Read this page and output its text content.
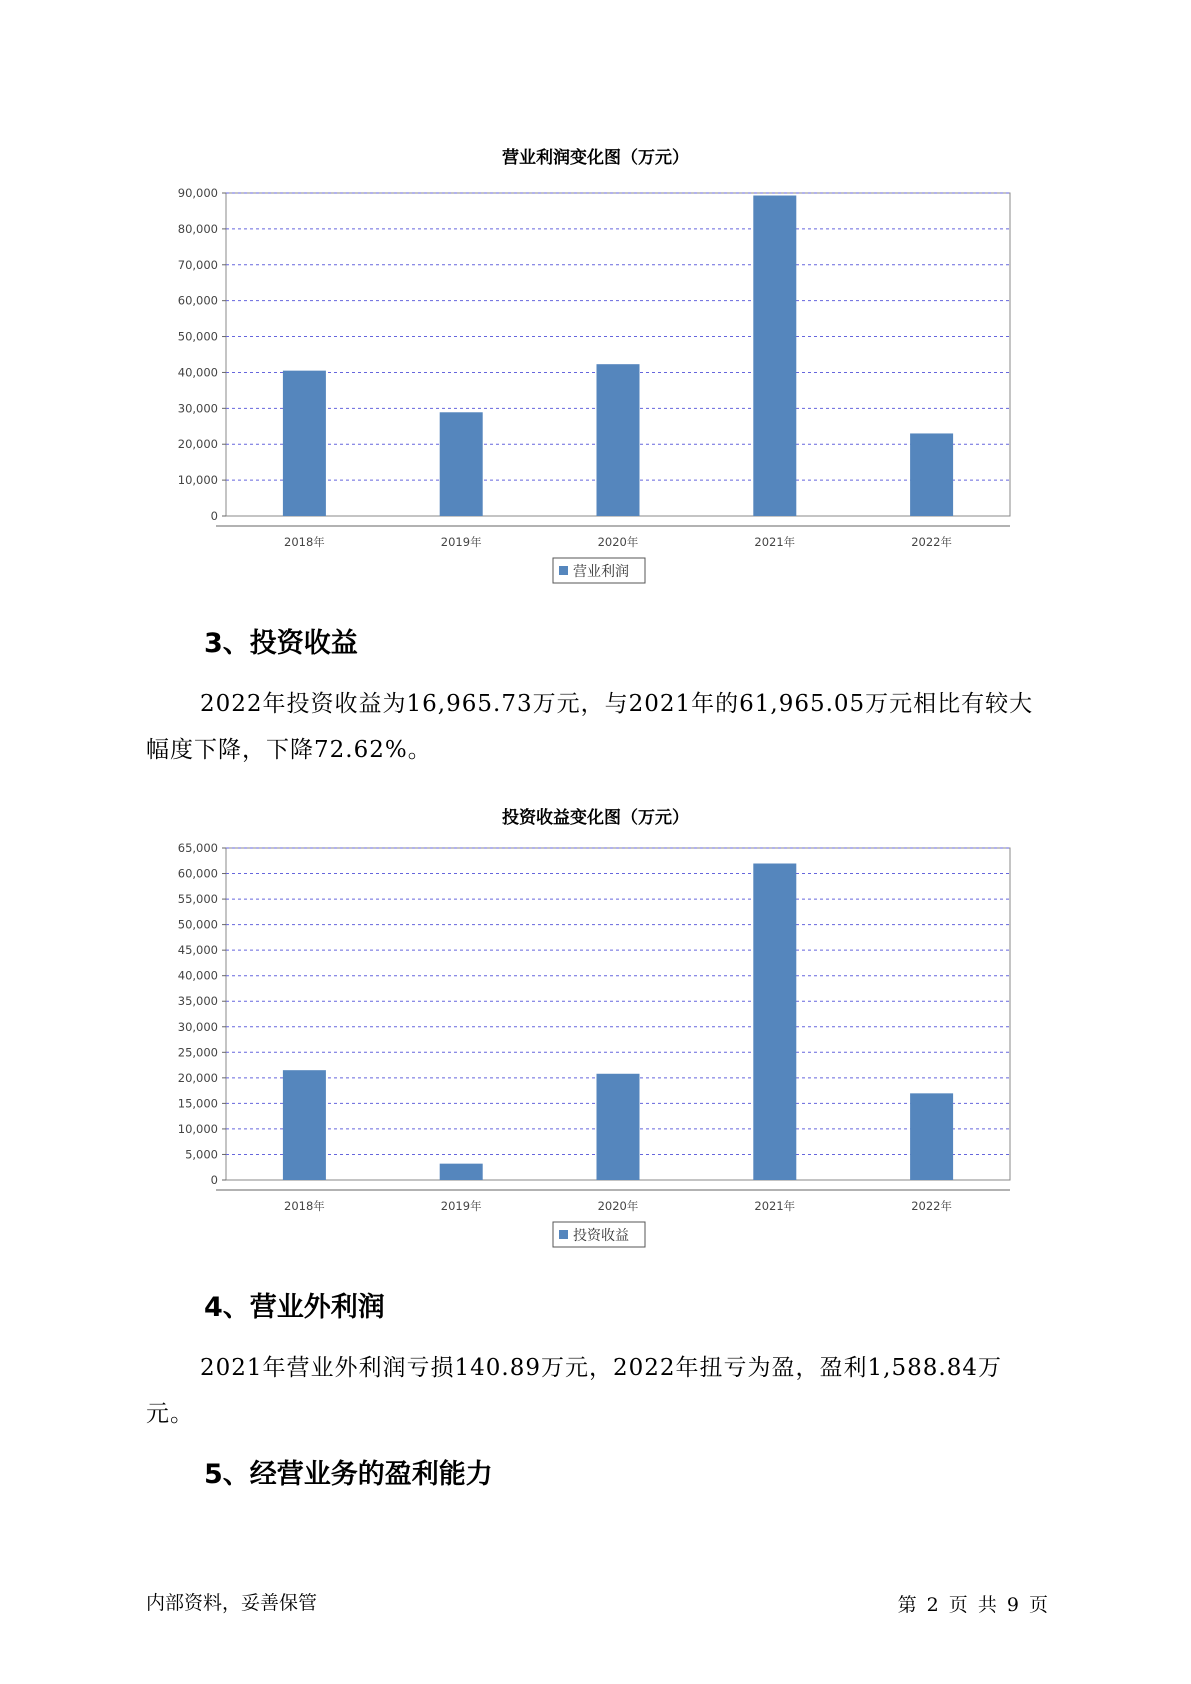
营业利润变化图（万元）
0
10,000
20,000
30,000
40,000
50,000
60,000
70,000
80,000
90,000
2018年	2019年	2020年	2021年	2022年
营业利润
3、投资收益
2022年投资收益为16,965.73万元，与2021年的61,965.05万元相比有较大幅度下降，下降72.62%。
投资收益变化图（万元）
0
5,000
10,000
15,000
20,000
25,000
30,000
35,000
40,000
45,000
50,000
55,000
60,000
65,000
2018年	2019年	2020年	2021年	2022年
投资收益
4、营业外利润
2021年营业外利润亏损140.89万元，2022年扭亏为盈，盈利1,588.84万元。
5、经营业务的盈利能力
内部资料，妥善保管	第 2 页 共 9 页
